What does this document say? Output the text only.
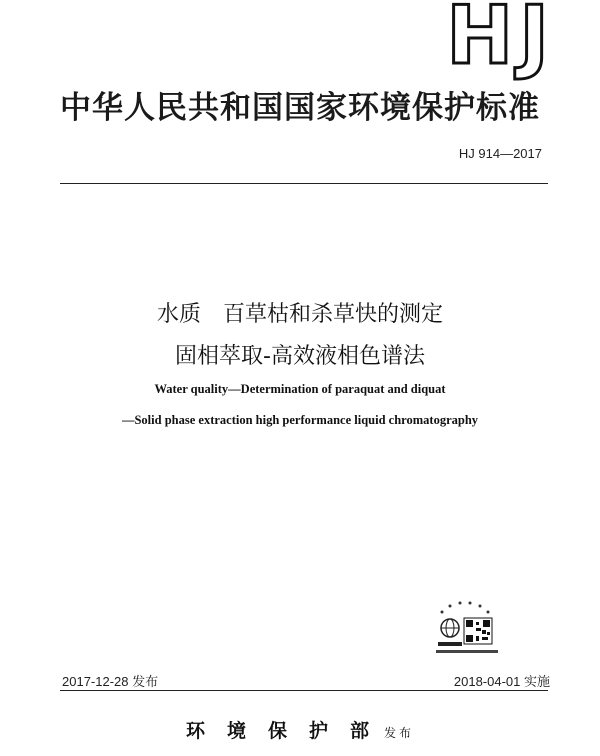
HJ
中华人民共和国国家环境保护标准
HJ 914—2017
水质　百草枯和杀草快的测定
固相萃取-高效液相色谱法
Water quality—Determination of paraquat and diquat
—Solid phase extraction high performance liquid chromatography
2017-12-28 发布	2018-04-01 实施
环境保护部 发布
